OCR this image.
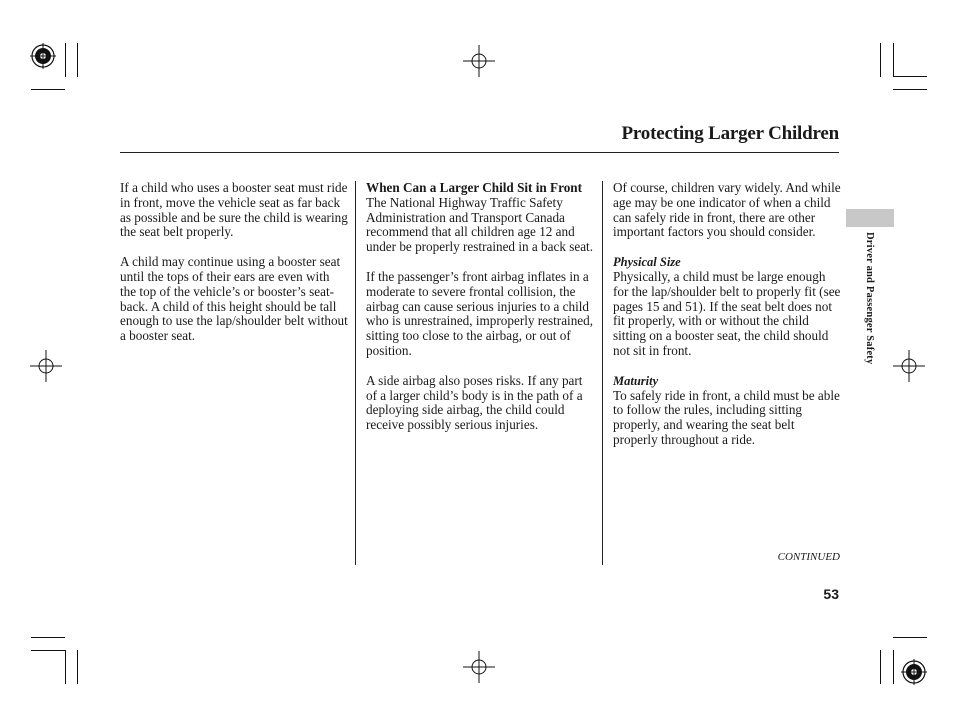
Protecting Larger Children
Driver and Passenger Safety

If a child who uses a booster seat must ride in front, move the vehicle seat as far back as possible and be sure the child is wearing the seat belt properly.

A child may continue using a booster seat until the tops of their ears are even with the top of the vehicle’s or booster’s seat-back. A child of this height should be tall enough to use the lap/shoulder belt without a booster seat.

When Can a Larger Child Sit in Front

The National Highway Traffic Safety Administration and Transport Canada recommend that all children age 12 and under be properly restrained in a back seat.

If the passenger’s front airbag inflates in a moderate to severe frontal collision, the airbag can cause serious injuries to a child who is unrestrained, improperly restrained, sitting too close to the airbag, or out of position.

A side airbag also poses risks. If any part of a larger child’s body is in the path of a deploying side airbag, the child could receive possibly serious injuries.

Of course, children vary widely. And while age may be one indicator of when a child can safely ride in front, there are other important factors you should consider.

Physical Size

Physically, a child must be large enough for the lap/shoulder belt to properly fit (see pages 15 and 51). If the seat belt does not fit properly, with or without the child sitting on a booster seat, the child should not sit in front.

Maturity

To safely ride in front, a child must be able to follow the rules, including sitting properly, and wearing the seat belt properly throughout a ride.

CONTINUED
53
